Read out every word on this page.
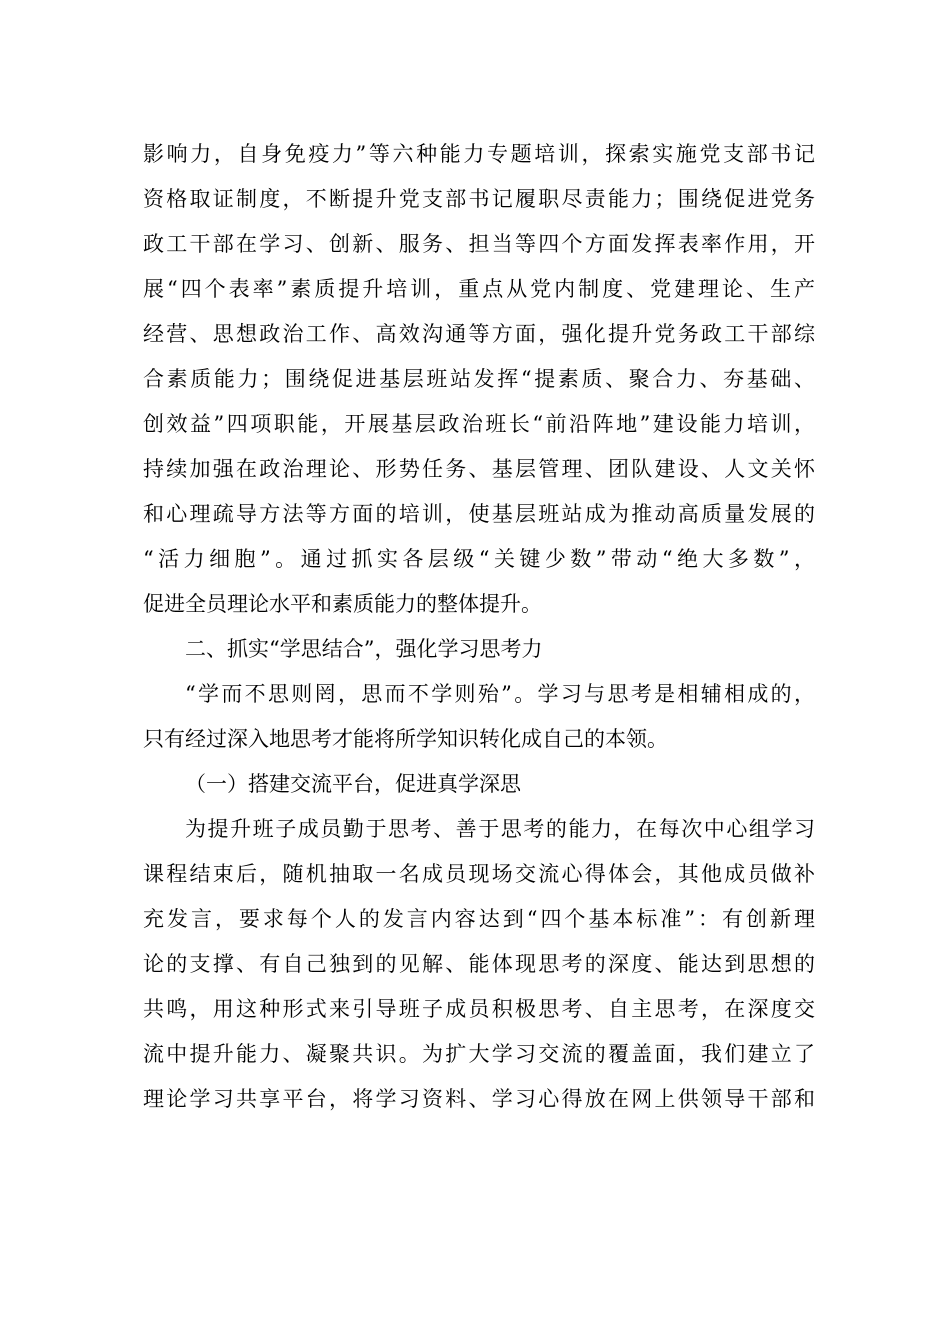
影响力，自身免疫力”等六种能力专题培训，探索实施党支部书记
资格取证制度，不断提升党支部书记履职尽责能力；围绕促进党务
政工干部在学习、创新、服务、担当等四个方面发挥表率作用，开
展“四个表率”素质提升培训，重点从党内制度、党建理论、生产
经营、思想政治工作、高效沟通等方面，强化提升党务政工干部综
合素质能力；围绕促进基层班站发挥“提素质、聚合力、夯基础、
创效益”四项职能，开展基层政治班长“前沿阵地”建设能力培训，
持续加强在政治理论、形势任务、基层管理、团队建设、人文关怀
和心理疏导方法等方面的培训，使基层班站成为推动高质量发展的
“活力细胞”。通过抓实各层级“关键少数”带动“绝大多数”，
促进全员理论水平和素质能力的整体提升。
二、抓实“学思结合”，强化学习思考力
“学而不思则罔，思而不学则殆”。学习与思考是相辅相成的，
只有经过深入地思考才能将所学知识转化成自己的本领。
（一）搭建交流平台，促进真学深思
为提升班子成员勤于思考、善于思考的能力，在每次中心组学习
课程结束后，随机抽取一名成员现场交流心得体会，其他成员做补
充发言，要求每个人的发言内容达到“四个基本标准”：有创新理
论的支撑、有自己独到的见解、能体现思考的深度、能达到思想的
共鸣，用这种形式来引导班子成员积极思考、自主思考，在深度交
流中提升能力、凝聚共识。为扩大学习交流的覆盖面，我们建立了
理论学习共享平台，将学习资料、学习心得放在网上供领导干部和
